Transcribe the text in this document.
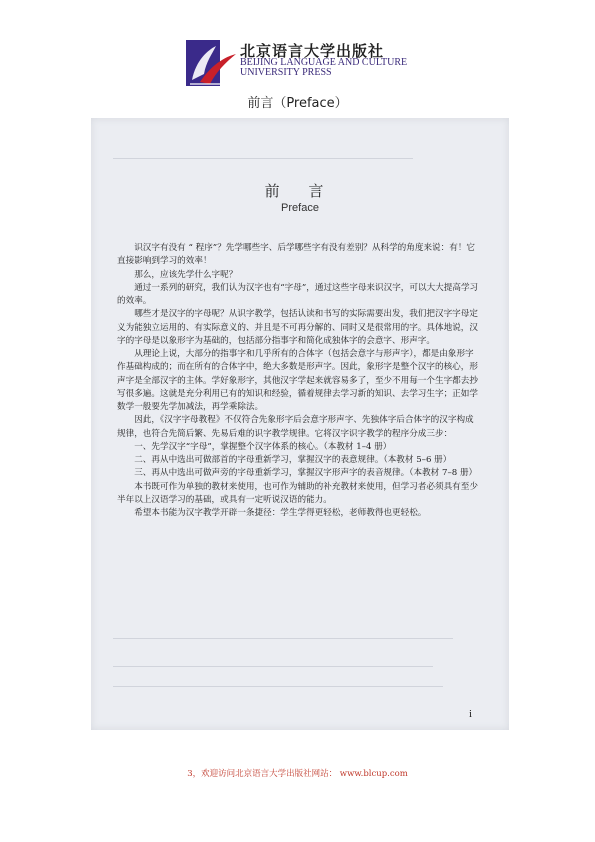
北京语言大学出版社
BEIJING LANGUAGE AND CULTURE
UNIVERSITY PRESS
前言（Preface）
前 言
Preface

识汉字有没有 “ 程序”？先学哪些字、后学哪些字有没有差别？从科学的角度来说：有！它直接影响到学习的效率！

那么，应该先学什么字呢？

通过一系列的研究，我们认为汉字也有“字母”，通过这些字母来识汉字，可以大大提高学习的效率。

哪些才是汉字的字母呢？从识字教学，包括认读和书写的实际需要出发，我们把汉字字母定义为能独立运用的、有实际意义的、并且是不可再分解的、同时又是很常用的字。具体地说，汉字的字母是以象形字为基础的，包括部分指事字和简化成独体字的会意字、形声字。

从理论上说，大部分的指事字和几乎所有的合体字（包括会意字与形声字），都是由象形字作基础构成的；而在所有的合体字中，绝大多数是形声字。因此，象形字是整个汉字的核心，形声字是全部汉字的主体。学好象形字，其他汉字学起来就容易多了，至少不用每一个生字都去抄写很多遍。这就是充分利用已有的知识和经验，循着规律去学习新的知识、去学习生字；正如学数学一般要先学加减法，再学乘除法。

因此，《汉字字母教程》不仅符合先象形字后会意字形声字、先独体字后合体字的汉字构成规律，也符合先简后繁、先易后难的识字教学规律。它将汉字识字教学的程序分成三步：

一、先学汉字“字母”，掌握整个汉字体系的核心。（本教材 1–4 册）

二、再从中选出可做部首的字母重新学习，掌握汉字的表意规律。（本教材 5–6 册）

三、再从中选出可做声旁的字母重新学习，掌握汉字形声字的表音规律。（本教材 7–8 册）

本书既可作为单独的教材来使用，也可作为辅助的补充教材来使用，但学习者必须具有至少半年以上汉语学习的基础，或具有一定听说汉语的能力。

希望本书能为汉字教学开辟一条捷径：学生学得更轻松，老师教得也更轻松。

i
3，欢迎访问北京语言大学出版社网站： www.blcup.com
